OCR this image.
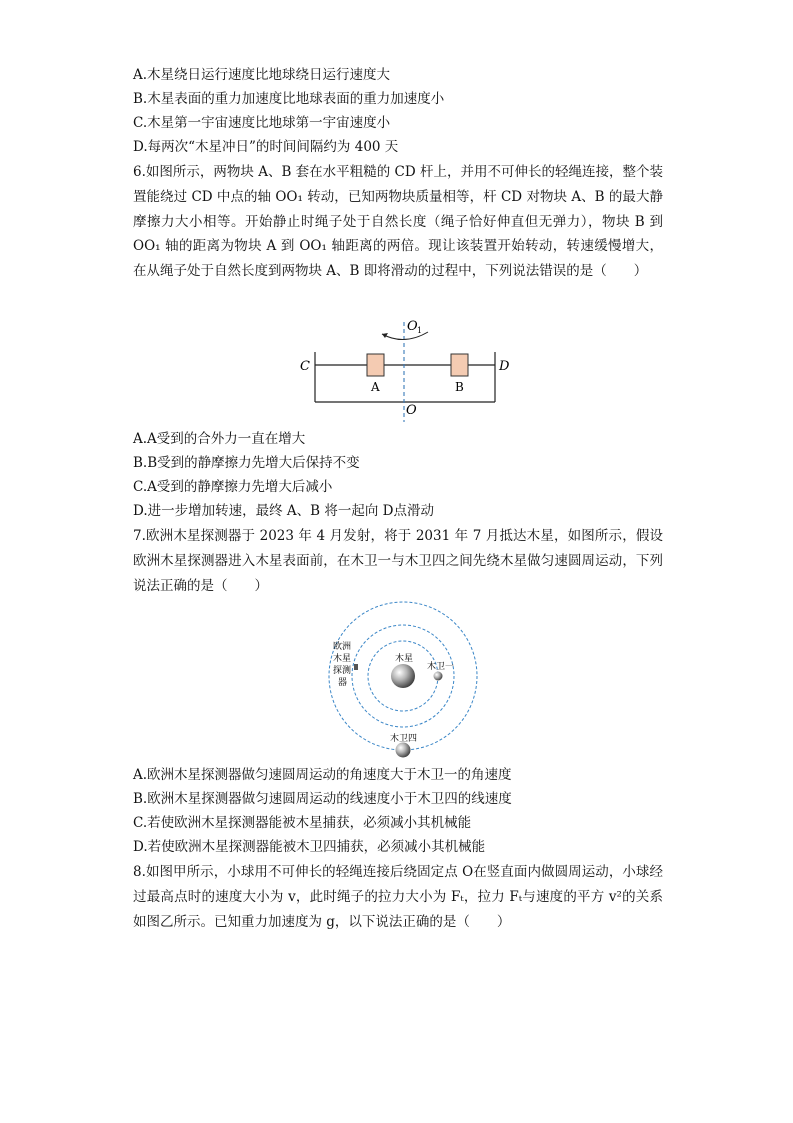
A.木星绕日运行速度比地球绕日运行速度大
B.木星表面的重力加速度比地球表面的重力加速度小
C.木星第一宇宙速度比地球第一宇宙速度小
D.每两次“木星冲日”的时间间隔约为 400 天
6.如图所示，两物块 A、B 套在水平粗糙的 CD 杆上，并用不可伸长的轻绳连接，整个装置能绕过 CD 中点的轴 OO₁ 转动，已知两物块质量相等，杆 CD 对物块 A、B 的最大静摩擦力大小相等。开始静止时绳子处于自然长度（绳子恰好伸直但无弹力），物块 B 到 OO₁ 轴的距离为物块 A 到 OO₁ 轴距离的两倍。现让该装置开始转动，转速缓慢增大，在从绳子处于自然长度到两物块 A、B 即将滑动的过程中，下列说法错误的是（　　）
C	D
A	B
O
O 1
A.A受到的合外力一直在增大
B.B受到的静摩擦力先增大后保持不变
C.A受到的静摩擦力先增大后减小
D.进一步增加转速，最终 A、B 将一起向 D点滑动
7.欧洲木星探测器于 2023 年 4 月发射，将于 2031 年 7 月抵达木星，如图所示，假设欧洲木星探测器进入木星表面前，在木卫一与木卫四之间先绕木星做匀速圆周运动，下列说法正确的是（　　）
木星
木卫一
木卫四
欧洲
木星
探测
器
A.欧洲木星探测器做匀速圆周运动的角速度大于木卫一的角速度
B.欧洲木星探测器做匀速圆周运动的线速度小于木卫四的线速度
C.若使欧洲木星探测器能被木星捕获，必须减小其机械能
D.若使欧洲木星探测器能被木卫四捕获，必须减小其机械能
8.如图甲所示，小球用不可伸长的轻绳连接后绕固定点 O在竖直面内做圆周运动，小球经过最高点时的速度大小为 v，此时绳子的拉力大小为 Fₜ，拉力 Fₜ与速度的平方 v²的关系如图乙所示。已知重力加速度为 g，以下说法正确的是（　　）
